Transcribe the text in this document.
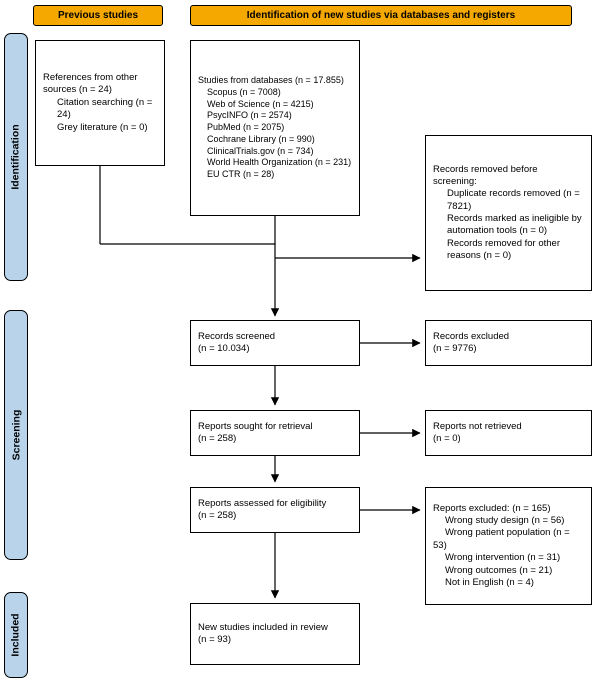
Previous studies	Identification of new studies via databases and registers
Identification
Screening
Included
References from other sources (n = 24)
Citation searching (n = 24)
Grey literature (n = 0)
Studies from databases (n = 17.855)
Scopus (n = 7008)
Web of Science (n = 4215)
PsycINFO (n = 2574)
PubMed (n = 2075)
Cochrane Library (n = 990)
ClinicalTrials.gov (n = 734)
World Health Organization (n = 231)
EU CTR (n = 28)	Records removed before screening:
Duplicate records removed (n = 7821)
Records marked as ineligible by automation tools (n = 0)
Records removed for other reasons (n = 0)
Records screened
(n = 10.034)
Records excluded
(n = 9776)
Reports sought for retrieval
(n = 258)
Reports not retrieved
(n = 0)
Reports assessed for eligibility
(n = 258)
Reports excluded: (n = 165)
Wrong study design (n = 56)
Wrong patient population (n = 53)
Wrong intervention (n = 31)
Wrong outcomes (n = 21)
Not in English (n = 4)
New studies included in review
(n = 93)
